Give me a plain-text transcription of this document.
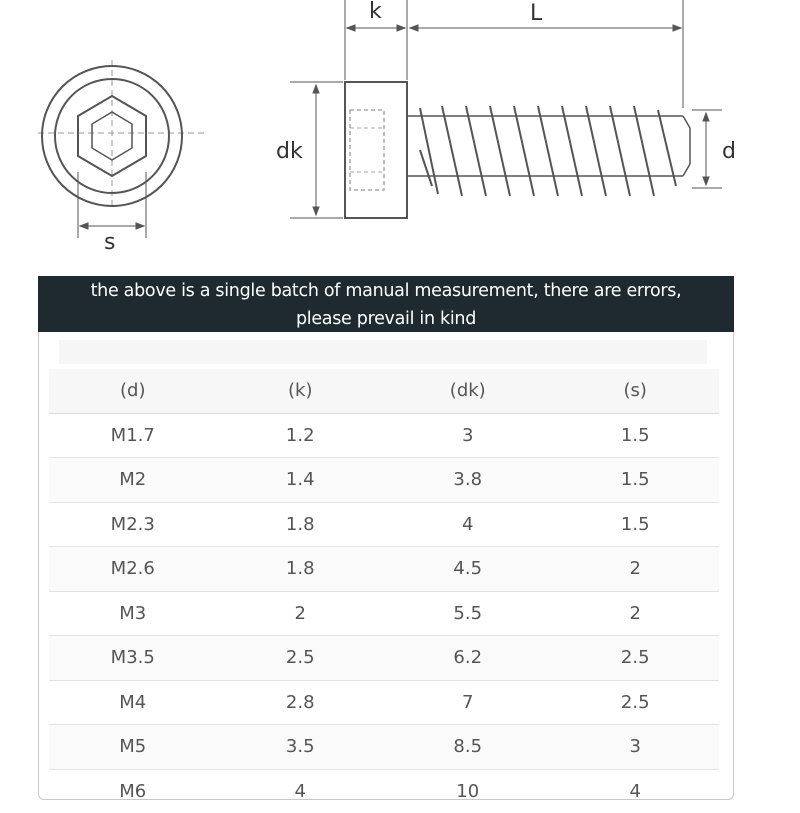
s
k	L
dk	d
the above is a single batch of manual measurement, there are errors,
please prevail in kind
(d)	(k)	(dk)	(s)
M1.7	1.2	3	1.5
M2	1.4	3.8	1.5
M2.3	1.8	4	1.5
M2.6	1.8	4.5	2
M3	2	5.5	2
M3.5	2.5	6.2	2.5
M4	2.8	7	2.5
M5	3.5	8.5	3
M6	4	10	4
